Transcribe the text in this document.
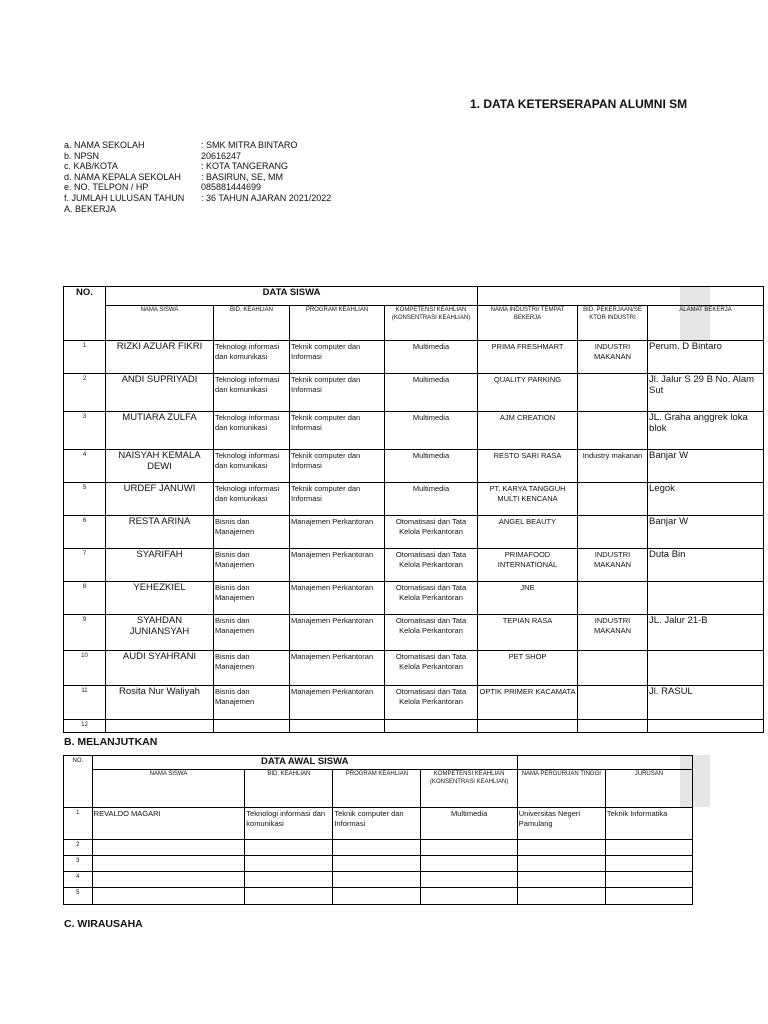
1. DATA KETERSERAPAN ALUMNI SM
a. NAMA SEKOLAH	: SMK MITRA BINTARO
b. NPSN	20616247
c. KAB/KOTA	: KOTA TANGERANG
d. NAMA KEPALA SEKOLAH	: BASIRUN, SE, MM
e. NO. TELPON / HP	085881444699
f. JUMLAH LULUSAN TAHUN	: 36 TAHUN AJARAN 2021/2022
A. BEKERJA
NO.	DATA SISWA						
	NAMA SISWA	BID. KEAHLIAN	PROGRAM KEAHLIAN	KOMPETENSI KEAHLIAN (KONSENTRASI KEAHLIAN)	NAMA INDUSTRI/ TEMPAT BEKERJA	BID. PEKERJAAN/SE KTOR INDUSTRI	ALAMAT BEKERJA
1	RIZKI AZUAR FIKRI	Teknologi informasi dan komunikasi	Teknik computer dan Informasi	Multimedia	PRIMA FRESHMART	INDUSTRI MAKANAN	Perum. D Bintaro
2	ANDI SUPRIYADI	Teknologi informasi dan komunikasi	Teknik computer dan Informasi	Multimedia	QUALITY PARKING		Jl. Jalur S 29 B No. Alam Sut
3	MUTIARA ZULFA	Teknologi informasi dan komunikasi	Teknik computer dan Informasi	Multimedia	AJM CREATION		JL. Graha anggrek loka blok
4	NAISYAH KEMALA DEWI	Teknologi informasi dan komunikasi	Teknik computer dan Informasi	Multimedia	RESTO SARI RASA	Industry makanan	Banjar W
5	URDEF JANUWI	Teknologi informasi dan komunikasi	Teknik computer dan Informasi	Multimedia	PT. KARYA TANGGUH MULTI KENCANA		Legok
6	RESTA ARINA	Bisnis dan Manajemen	Manajemen Perkantoran	Otomatisasi dan Tata Kelola Perkantoran	ANGEL BEAUTY		Banjar W
7	SYARIFAH	Bisnis dan Manajemen	Manajemen Perkantoran	Otomatisasi dan Tata Kelola Perkantoran	PRIMAFOOD INTERNATIONAL	INDUSTRI MAKANAN	Duta Bin
8	YEHEZKIEL	Bisnis dan Manajemen	Manajemen Perkantoran	Otomatisasi dan Tata Kelola Perkantoran	JNE		
9	SYAHDAN JUNIANSYAH	Bisnis dan Manajemen	Manajemen Perkantoran	Otomatisasi dan Tata Kelola Perkantoran	TEPIAN RASA	INDUSTRI MAKANAN	JL. Jalur 21-B
10	AUDI SYAHRANI	Bisnis dan Manajemen	Manajemen Perkantoran	Otomatisasi dan Tata Kelola Perkantoran	PET SHOP		
11	Rosita Nur Waliyah	Bisnis dan Manajemen	Manajemen Perkantoran	Otomatisasi dan Tata Kelola Perkantoran	OPTIK PRIMER KACAMATA		Jl. RASUL
12							
NO.	DATA AWAL SISWA					
	NAMA SISWA	BID. KEAHLIAN	PROGRAM KEAHLIAN	KOMPETENSI KEAHLIAN (KONSENTRASI KEAHLIAN)	NAMA PERGURUAN TINGGI	JURUSAN
1	REVALDO MAGARI	Teknologi informasi dan komunikasi	Teknik computer dan Informasi	Multimedia	Universitas Negeri Pamulang	Teknik Informatika
2						
3						
4						
5						
B. MELANJUTKAN
C. WIRAUSAHA
